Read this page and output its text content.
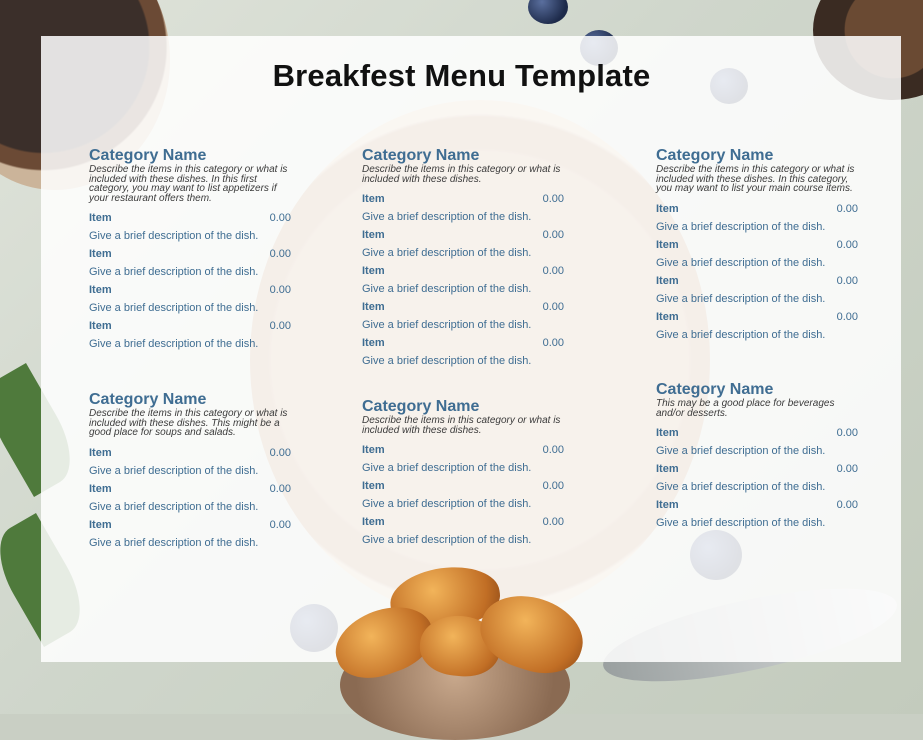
Breakfest Menu Template
Category Name
Describe the items in this category or what is included with these dishes. In this first category, you may want to list appetizers if your restaurant offers them.
Item	0.00
Give a brief description of the dish.
Item	0.00
Give a brief description of the dish.
Item	0.00
Give a brief description of the dish.
Item	0.00
Give a brief description of the dish.
Category Name
Describe the items in this category or what is included with these dishes. This might be a good place for soups and salads.
Item	0.00
Give a brief description of the dish.
Item	0.00
Give a brief description of the dish.
Item	0.00
Give a brief description of the dish.
Category Name
Describe the items in this category or what is included with these dishes.
Item	0.00
Give a brief description of the dish.
Item	0.00
Give a brief description of the dish.
Item	0.00
Give a brief description of the dish.
Item	0.00
Give a brief description of the dish.
Item	0.00
Give a brief description of the dish.
Category Name
Describe the items in this category or what is included with these dishes.
Item	0.00
Give a brief description of the dish.
Item	0.00
Give a brief description of the dish.
Item	0.00
Give a brief description of the dish.
Category Name
Describe the items in this category or what is included with these dishes. In this category, you may want to list your main course items.
Item	0.00
Give a brief description of the dish.
Item	0.00
Give a brief description of the dish.
Item	0.00
Give a brief description of the dish.
Item	0.00
Give a brief description of the dish.
Category Name
This may be a good place for beverages and/or desserts.
Item	0.00
Give a brief description of the dish.
Item	0.00
Give a brief description of the dish.
Item	0.00
Give a brief description of the dish.
